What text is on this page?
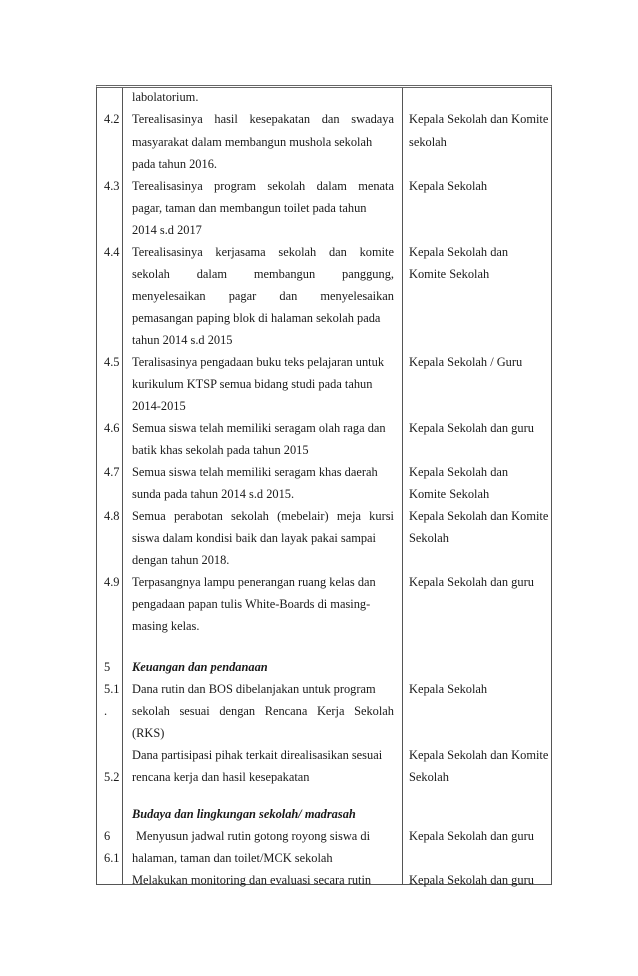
labolatorium.
4.2 Terealisasinya hasil kesepakatan dan swadaya
masyarakat dalam membangun mushola sekolah
pada tahun 2016.
Kepala Sekolah dan Komite
sekolah
4.3 Terealisasinya program sekolah dalam menata
pagar, taman dan membangun toilet pada tahun
2014 s.d 2017
Kepala Sekolah
4.4 Terealisasinya kerjasama sekolah dan komite
sekolah dalam membangun panggung,
menyelesaikan pagar dan menyelesaikan
pemasangan paping blok di halaman sekolah pada
tahun 2014 s.d 2015
Kepala Sekolah dan
Komite Sekolah
4.5 Teralisasinya pengadaan buku teks pelajaran untuk
kurikulum KTSP semua bidang studi pada tahun
2014-2015
Kepala Sekolah / Guru
4.6 Semua siswa telah memiliki seragam olah raga dan
batik khas sekolah pada tahun 2015
Kepala Sekolah dan guru
4.7 Semua siswa telah memiliki seragam khas daerah
sunda pada tahun 2014 s.d 2015.
Kepala Sekolah dan
Komite Sekolah
4.8 Semua perabotan sekolah (mebelair) meja kursi
siswa dalam kondisi baik dan layak pakai sampai
dengan tahun 2018.
Kepala Sekolah dan Komite
Sekolah
4.9 Terpasangnya lampu penerangan ruang kelas dan
pengadaan papan tulis White-Boards di masing-
masing kelas.
Kepala Sekolah dan guru
5 Keuangan dan pendanaan
5.1
.
Dana rutin dan BOS dibelanjakan untuk program
sekolah sesuai dengan Rencana Kerja Sekolah
(RKS)
Kepala Sekolah
Dana partisipasi pihak terkait direalisasikan sesuai
5.2 rencana kerja dan hasil kesepakatan
Kepala Sekolah dan Komite
Sekolah
Budaya dan lingkungan sekolah/ madrasah
6 Menyusun jadwal rutin gotong royong siswa di
6.1 halaman, taman dan toilet/MCK sekolah
Kepala Sekolah dan guru
Melakukan monitoring dan evaluasi secara rutin	Kepala Sekolah dan guru
